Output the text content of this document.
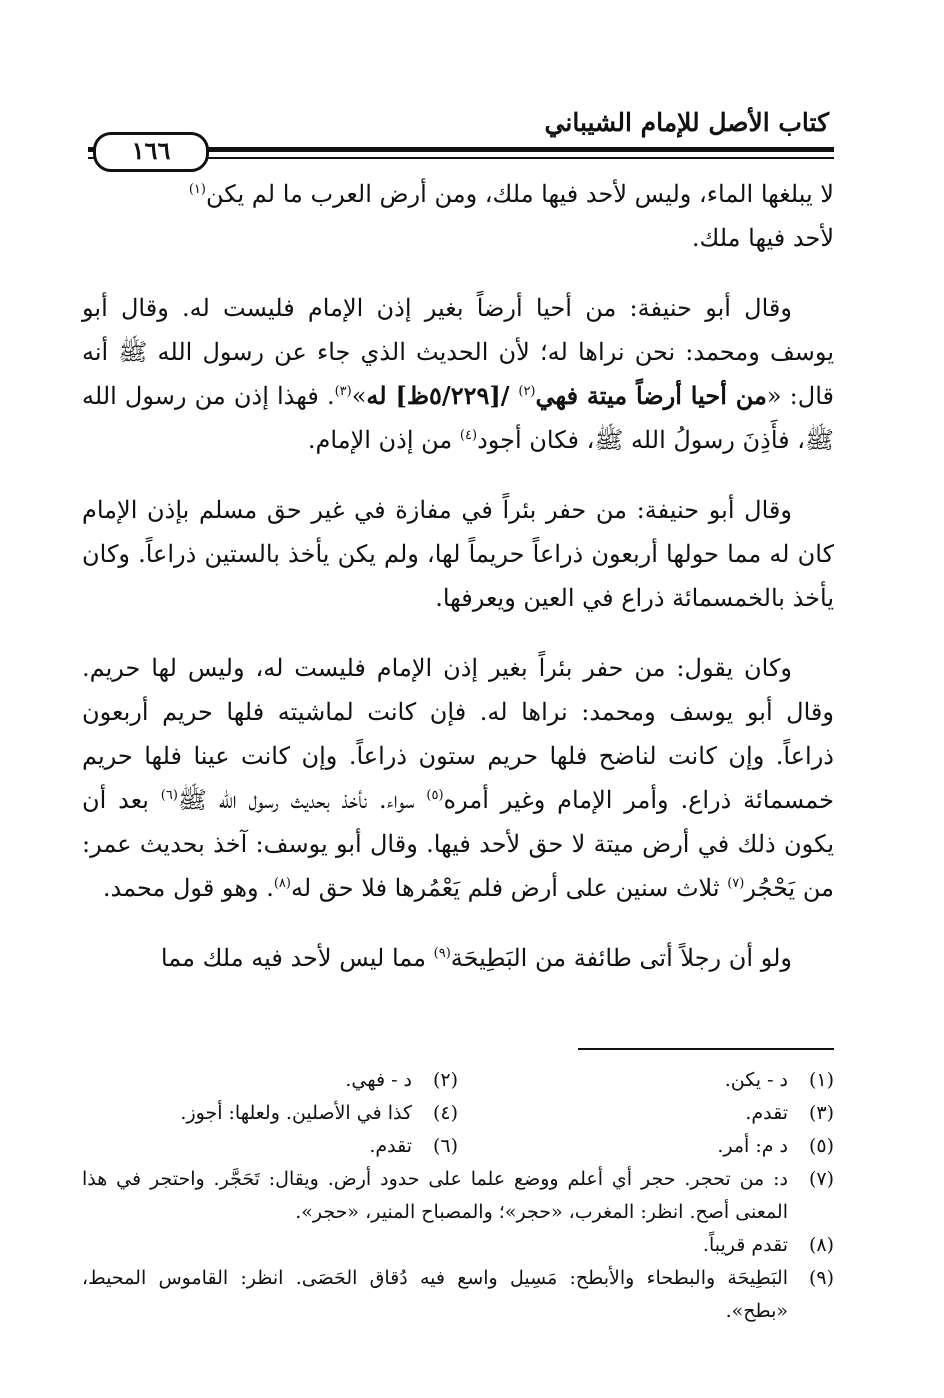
كتاب الأصل للإمام الشيباني
١٦٦

لا يبلغها الماء، وليس لأحد فيها ملك، ومن أرض العرب ما لم يكن$^{(١)}$
لأحد فيها ملك.

وقال أبو حنيفة: من أحيا أرضاً بغير إذن الإمام فليست له. وقال أبو يوسف ومحمد: نحن نراها له؛ لأن الحديث الذي جاء عن رسول الله ﷺ أنه قال: «من أحيا أرضاً ميتة فهي$^{(٢)}$ /[٥/٢٢٩ظ] له»$^{(٣)}$. فهذا إذن من رسول الله ﷺ، فأَذِنَ رسولُ الله ﷺ، فكان أجود$^{(٤)}$ من إذن الإمام.

وقال أبو حنيفة: من حفر بئراً في مفازة في غير حق مسلم بإذن الإمام كان له مما حولها أربعون ذراعاً حريماً لها، ولم يكن يأخذ بالستين ذراعاً. وكان يأخذ بالخمسمائة ذراع في العين ويعرفها.

وكان يقول: من حفر بئراً بغير إذن الإمام فليست له، وليس لها حريم. وقال أبو يوسف ومحمد: نراها له. فإن كانت لماشيته فلها حريم أربعون ذراعاً. وإن كانت لناضح فلها حريم ستون ذراعاً. وإن كانت عينا فلها حريم خمسمائة ذراع. وأمر الإمام وغير أمره$^{(٥)}$ سواء. نأخذ بحديث رسول الله ﷺ$^{(٦)}$ بعد أن يكون ذلك في أرض ميتة لا حق لأحد فيها. وقال أبو يوسف: آخذ بحديث عمر: من يَحْجُر$^{(٧)}$ ثلاث سنين على أرض فلم يَعْمُرها فلا حق له$^{(٨)}$. وهو قول محمد.

ولو أن رجلاً أتى طائفة من البَطِيحَة$^{(٩)}$ مما ليس لأحد فيه ملك مما

(١)
د - يكن.
(٢)
د - فهي.
(٣)
تقدم.
(٤)
كذا في الأصلين. ولعلها: أجوز.
(٥)
د م: أمر.
(٦)
تقدم.
(٧)
د: من تحجر. حجر أي أعلم ووضع علما على حدود أرض. ويقال: تَحَجَّر. واحتجر في هذا المعنى أصح. انظر: المغرب، «حجر»؛ والمصباح المنير، «حجر».
(٨)
تقدم قريباً.
(٩)
البَطِيحَة والبطحاء والأبطح: مَسِيل واسع فيه دُقاق الحَصَى. انظر: القاموس المحيط، «بطح».
